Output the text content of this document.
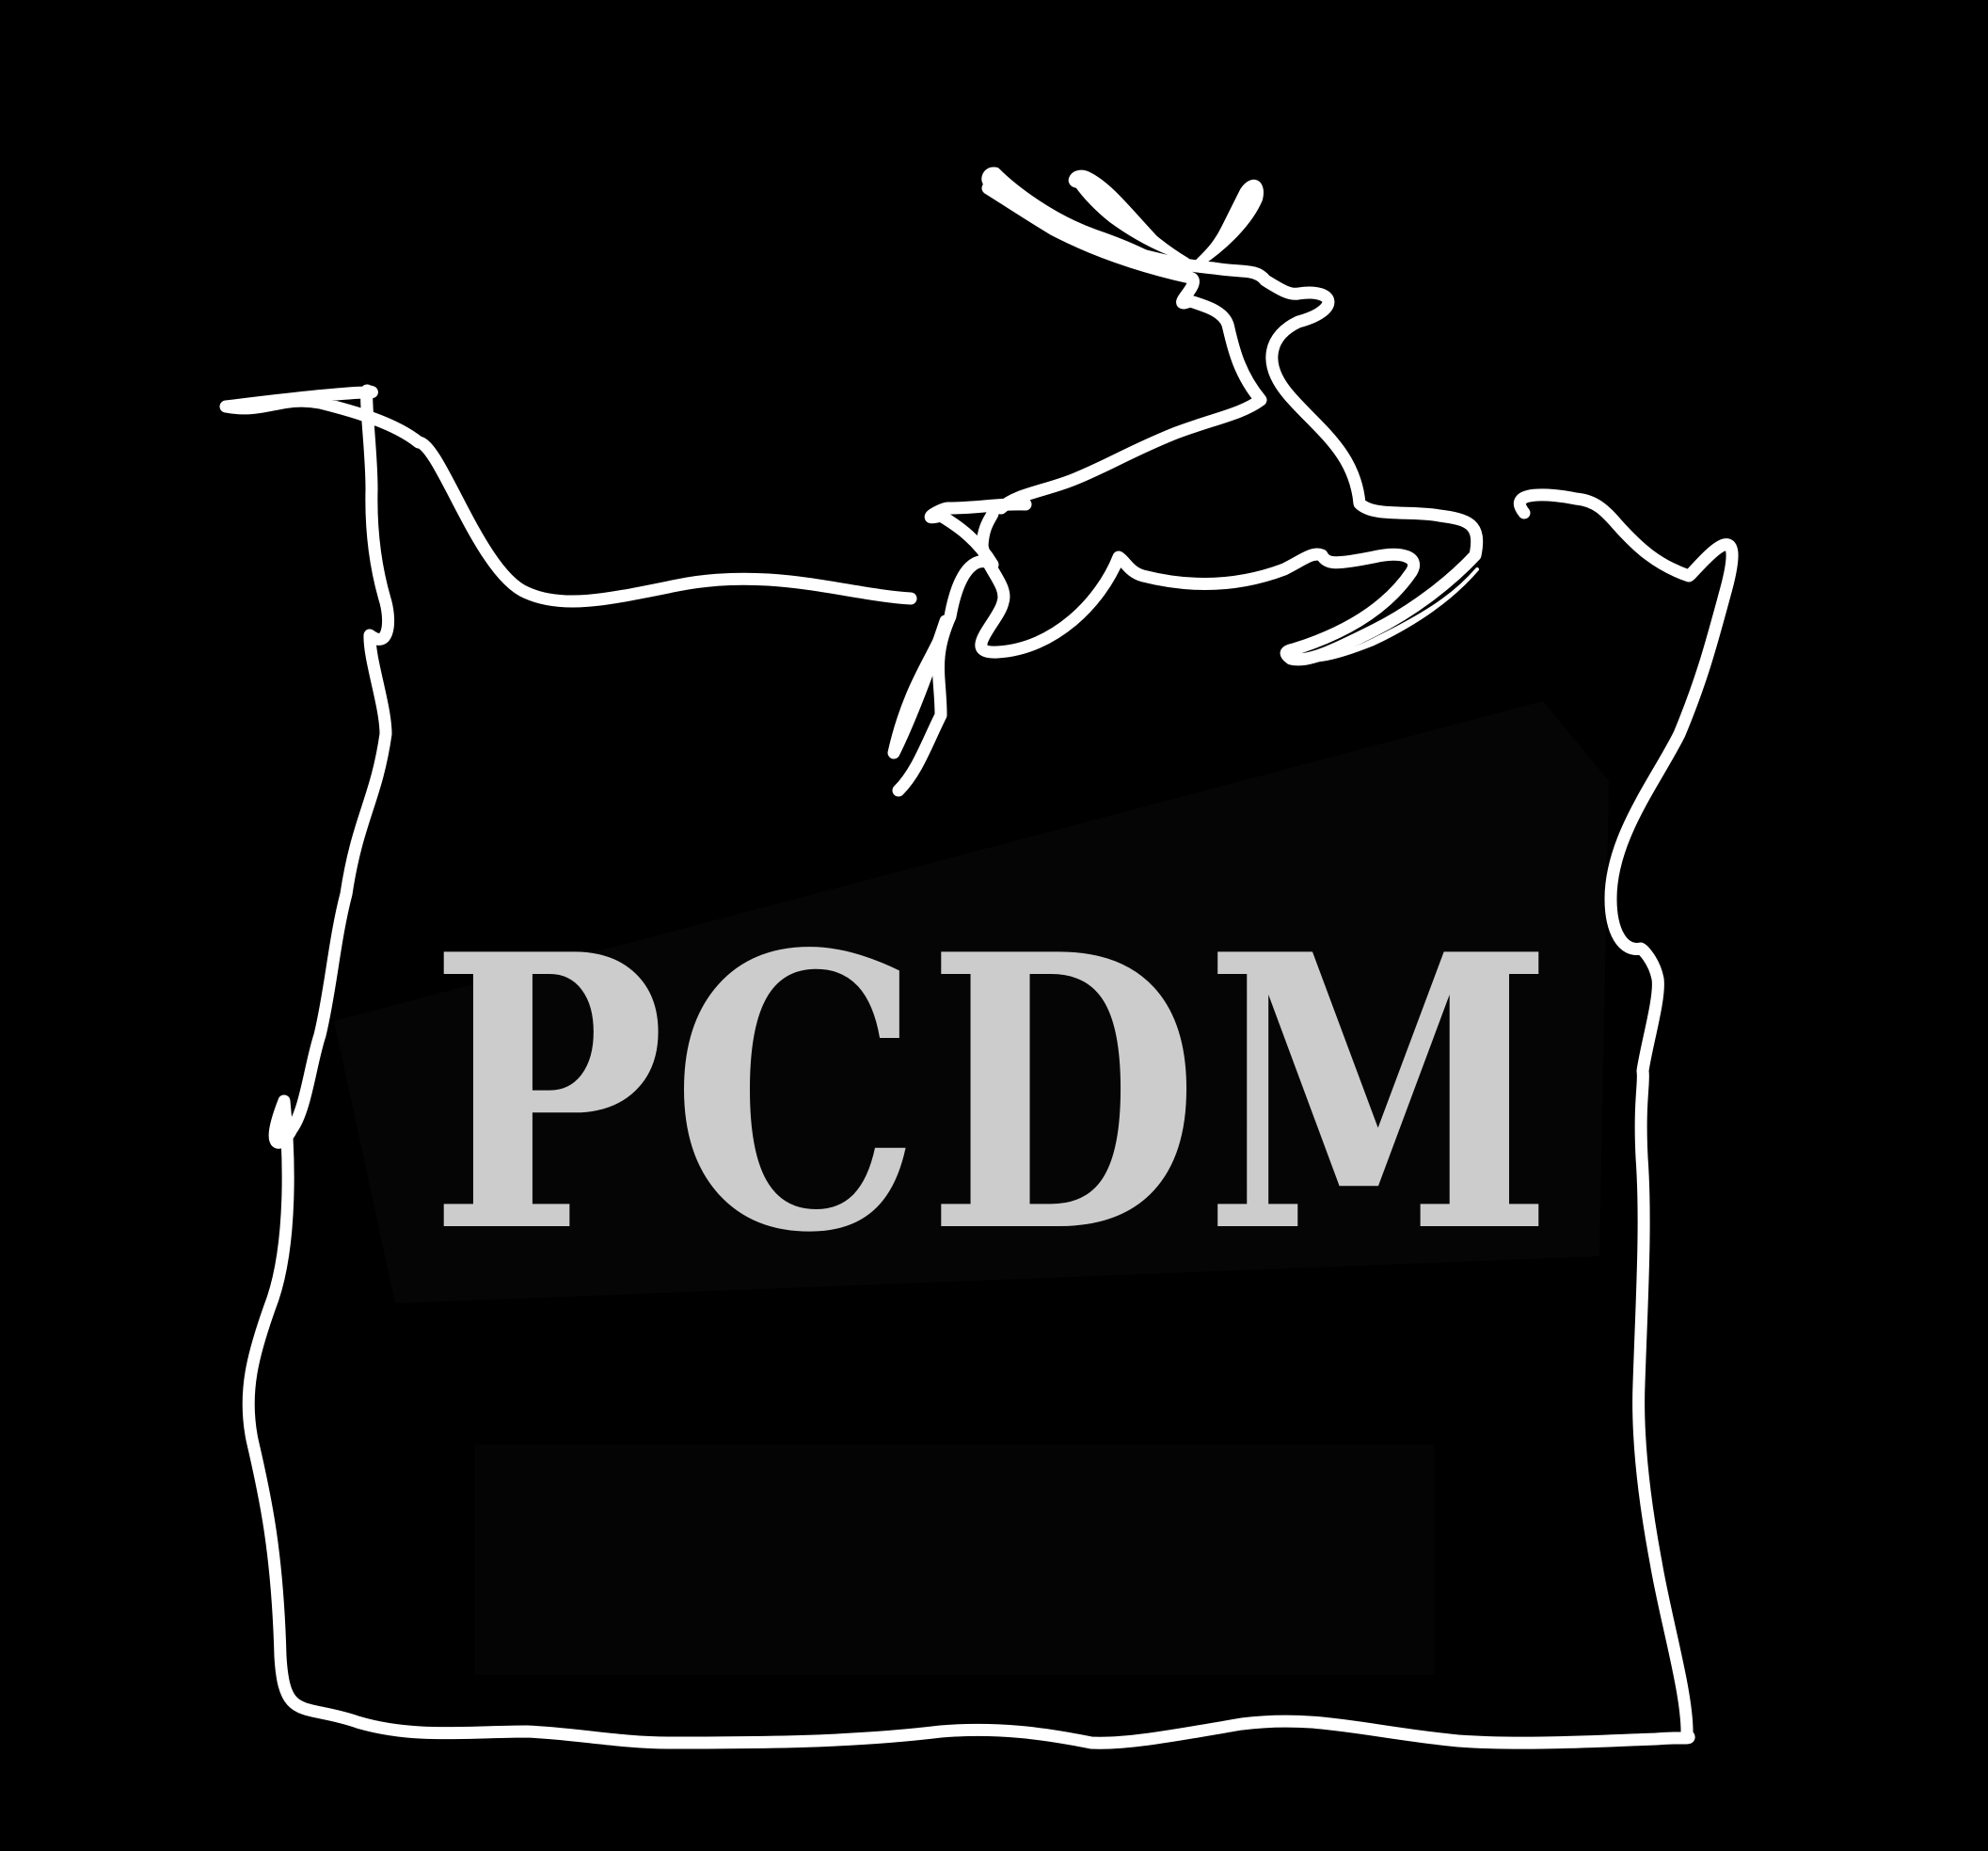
PCDM
